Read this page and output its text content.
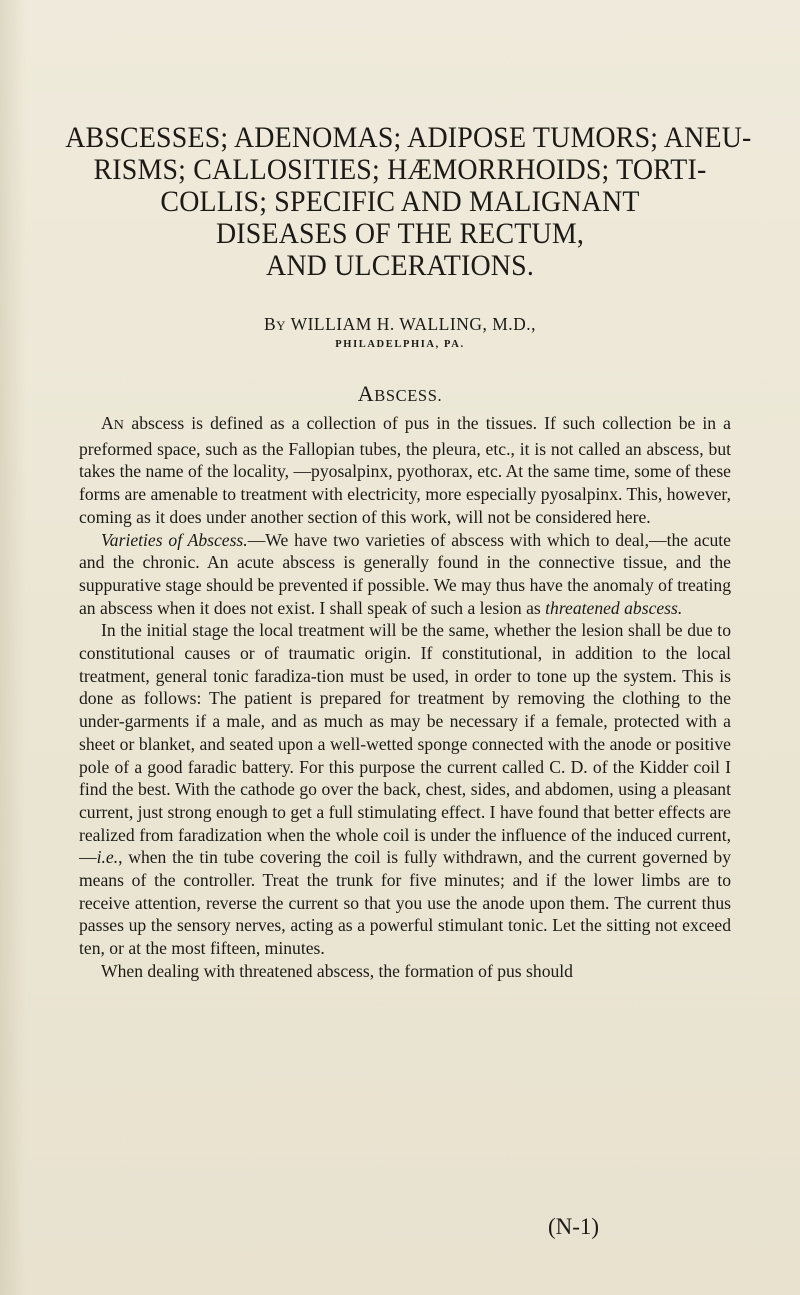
ABSCESSES; ADENOMAS; ADIPOSE TUMORS; ANEU-
RISMS; CALLOSITIES; HÆMORRHOIDS; TORTI-
COLLIS; SPECIFIC AND MALIGNANT
DISEASES OF THE RECTUM,
AND ULCERATIONS.
BY WILLIAM H. WALLING, M.D.,
PHILADELPHIA, PA.
ABSCESS.

AN abscess is defined as a collection of pus in the tissues. If such collection be in a preformed space, such as the Fallopian tubes, the pleura, etc., it is not called an abscess, but takes the name of the locality, —pyosalpinx, pyothorax, etc. At the same time, some of these forms are amenable to treatment with electricity, more especially pyosalpinx. This, however, coming as it does under another section of this work, will not be considered here.

Varieties of Abscess.—We have two varieties of abscess with which to deal,—the acute and the chronic. An acute abscess is generally found in the connective tissue, and the suppurative stage should be prevented if possible. We may thus have the anomaly of treating an abscess when it does not exist. I shall speak of such a lesion as threatened abscess.

In the initial stage the local treatment will be the same, whether the lesion shall be due to constitutional causes or of traumatic origin. If constitutional, in addition to the local treatment, general tonic faradiza-tion must be used, in order to tone up the system. This is done as follows: The patient is prepared for treatment by removing the clothing to the under-garments if a male, and as much as may be necessary if a female, protected with a sheet or blanket, and seated upon a well-wetted sponge connected with the anode or positive pole of a good faradic battery. For this purpose the current called C. D. of the Kidder coil I find the best. With the cathode go over the back, chest, sides, and abdomen, using a pleasant current, just strong enough to get a full stimulating effect. I have found that better effects are realized from faradization when the whole coil is under the influence of the induced current,—i.e., when the tin tube covering the coil is fully withdrawn, and the current governed by means of the controller. Treat the trunk for five minutes; and if the lower limbs are to receive attention, reverse the current so that you use the anode upon them. The current thus passes up the sensory nerves, acting as a powerful stimulant tonic. Let the sitting not exceed ten, or at the most fifteen, minutes.

When dealing with threatened abscess, the formation of pus should

(N-1)
